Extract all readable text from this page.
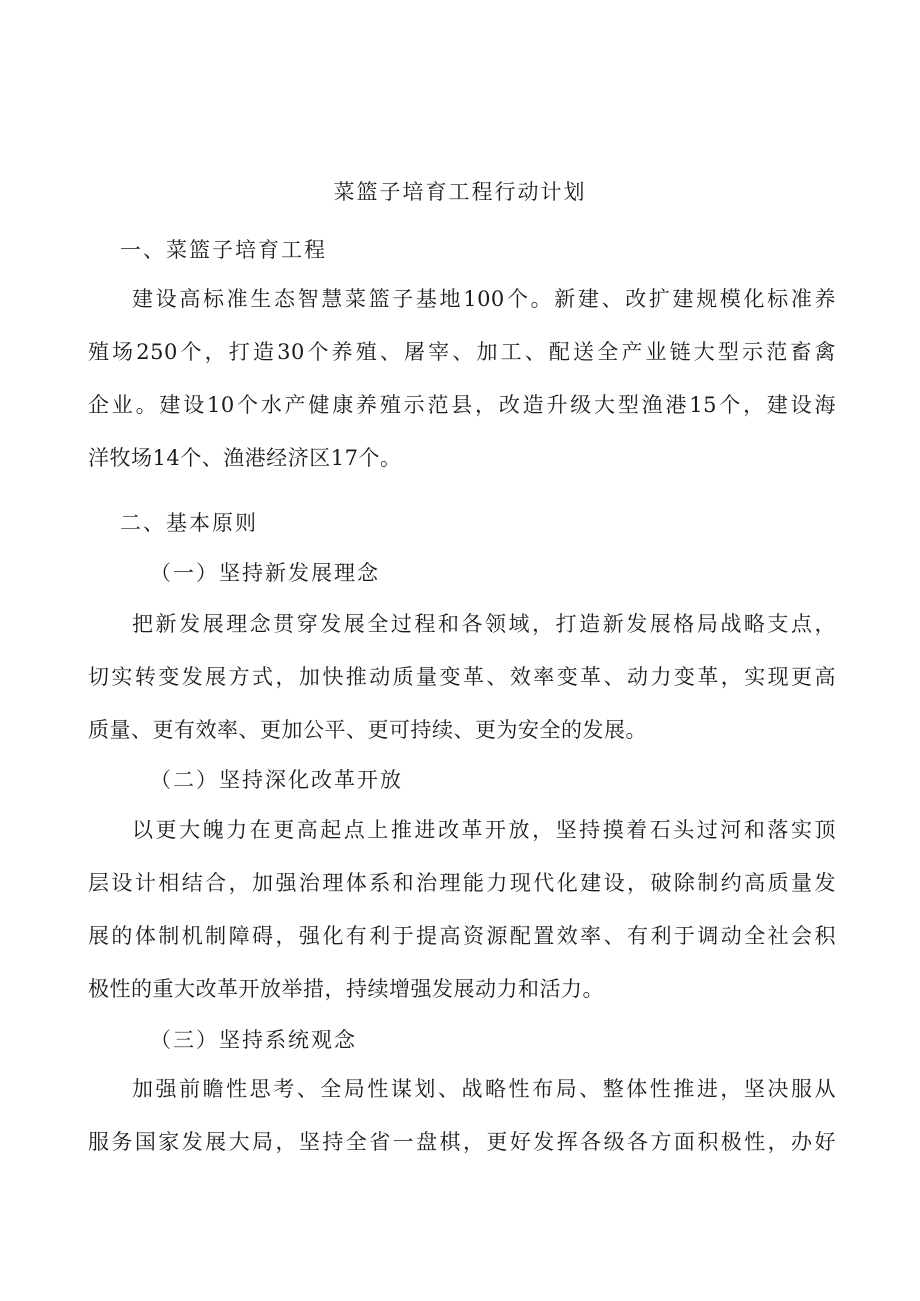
菜篮子培育工程行动计划
一、菜篮子培育工程
建设高标准生态智慧菜篮子基地100个。新建、改扩建规模化标准养
殖场250个，打造30个养殖、屠宰、加工、配送全产业链大型示范畜禽
企业。建设10个水产健康养殖示范县，改造升级大型渔港15个，建设海
洋牧场14个、渔港经济区17个。
二、基本原则
（一）坚持新发展理念
把新发展理念贯穿发展全过程和各领域，打造新发展格局战略支点，
切实转变发展方式，加快推动质量变革、效率变革、动力变革，实现更高
质量、更有效率、更加公平、更可持续、更为安全的发展。
（二）坚持深化改革开放
以更大魄力在更高起点上推进改革开放，坚持摸着石头过河和落实顶
层设计相结合，加强治理体系和治理能力现代化建设，破除制约高质量发
展的体制机制障碍，强化有利于提高资源配置效率、有利于调动全社会积
极性的重大改革开放举措，持续增强发展动力和活力。
（三）坚持系统观念
加强前瞻性思考、全局性谋划、战略性布局、整体性推进，坚决服从
服务国家发展大局，坚持全省一盘棋，更好发挥各级各方面积极性，办好
